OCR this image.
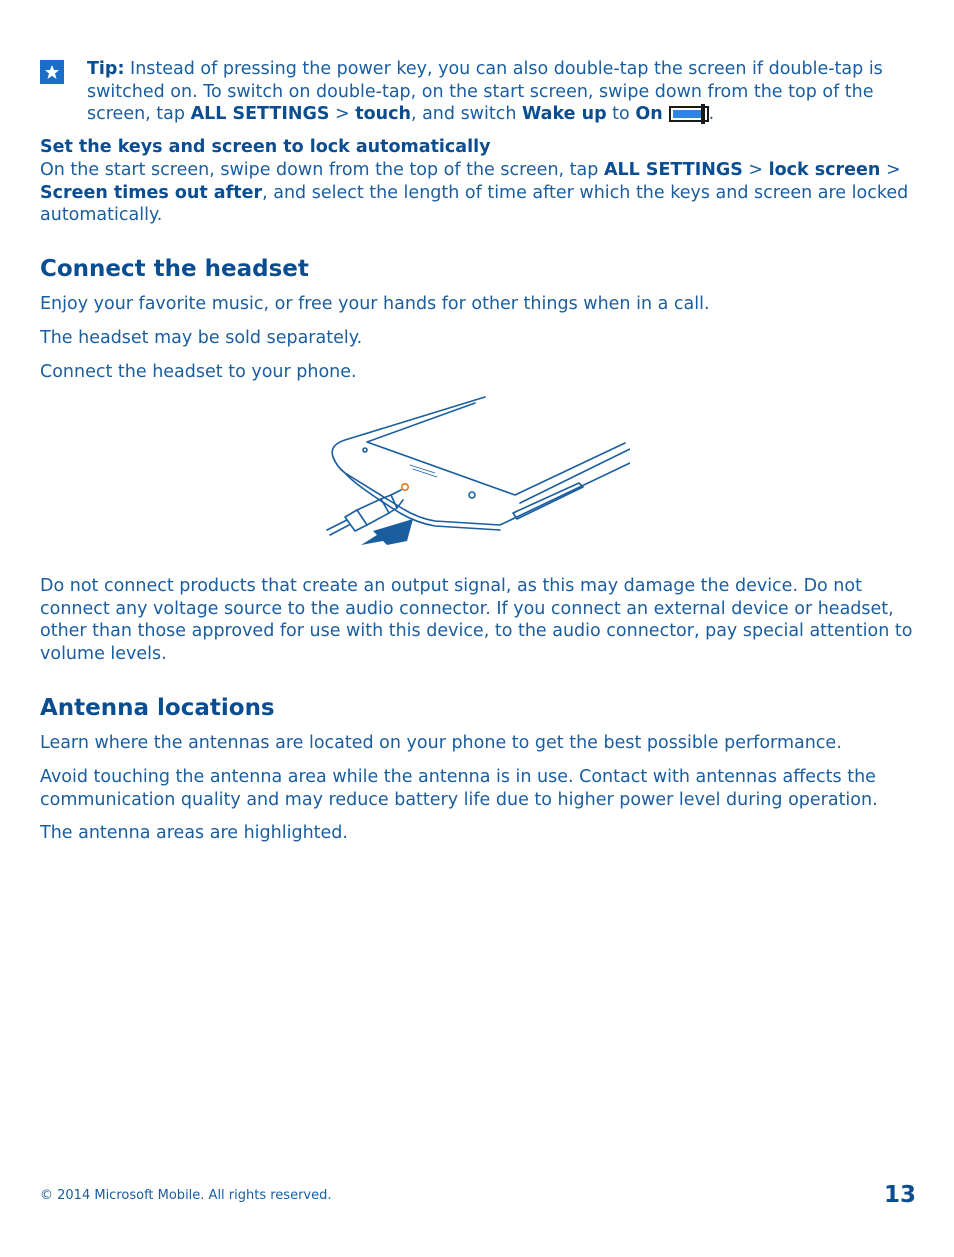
Tip: Instead of pressing the power key, you can also double-tap the screen if double-tap is switched on. To switch on double-tap, on the start screen, swipe down from the top of the screen, tap ALL SETTINGS > touch, and switch Wake up to On	.

Set the keys and screen to lock automatically

On the start screen, swipe down from the top of the screen, tap ALL SETTINGS > lock screen > Screen times out after, and select the length of time after which the keys and screen are locked automatically.

Connect the headset

Enjoy your favorite music, or free your hands for other things when in a call.

The headset may be sold separately.

Connect the headset to your phone.

Do not connect products that create an output signal, as this may damage the device. Do not connect any voltage source to the audio connector. If you connect an external device or headset, other than those approved for use with this device, to the audio connector, pay special attention to volume levels.

Antenna locations

Learn where the antennas are located on your phone to get the best possible performance.

Avoid touching the antenna area while the antenna is in use. Contact with antennas affects the communication quality and may reduce battery life due to higher power level during operation.

The antenna areas are highlighted.

© 2014 Microsoft Mobile. All rights reserved.	13
